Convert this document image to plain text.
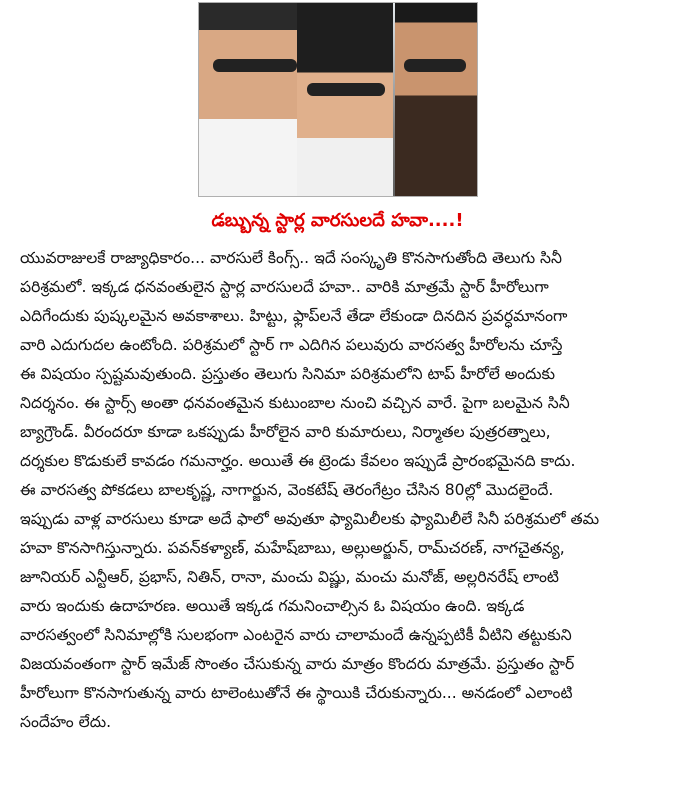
డబ్బున్న స్టార్ల వారసులదే హవా....!
యువరాజులకే రాజ్యాధికారం... వారసులే కింగ్స్.. ఇదే సంస్కృతి కొనసాగుతోంది తెలుగు సినీ
పరిశ్రమలో. ఇక్కడ ధనవంతులైన స్టార్ల వారసులదే హవా.. వారికి మాత్రమే స్టార్ హీరోలుగా
ఎదిగేందుకు పుష్కలమైన అవకాశాలు. హిట్టు, ఫ్లాప్‌లనే తేడా లేకుండా దినదిన ప్రవర్ధమానంగా
వారి ఎదుగుదల ఉంటోంది. పరిశ్రమలో స్టార్ గా ఎదిగిన పలువురు వారసత్వ హీరోలను చూస్తే
ఈ విషయం స్పష్టమవుతుంది. ప్రస్తుతం తెలుగు సినిమా పరిశ్రమలోని టాప్ హీరోలే అందుకు
నిదర్శనం. ఈ స్టార్స్ అంతా ధనవంతమైన కుటుంబాల నుంచి వచ్చిన వారే. పైగా బలమైన సినీ
బ్యాగ్రౌండ్. వీరందరూ కూడా ఒకప్పుడు హీరోలైన వారి కుమారులు, నిర్మాతల పుత్రరత్నాలు,
దర్శకుల కొడుకులే కావడం గమనార్హం. అయితే ఈ ట్రెండు కేవలం ఇప్పుడే ప్రారంభమైనది కాదు.
ఈ వారసత్వ పోకడలు బాలకృష్ణ, నాగార్జున, వెంకటేష్ తెరంగేట్రం చేసిన 80ల్లో మొదలైందే.
ఇప్పుడు వాళ్ల వారసులు కూడా అదే ఫాలో అవుతూ ఫ్యామిలీలకు ఫ్యామిలీలే సినీ పరిశ్రమలో తమ
హవా కొనసాగిస్తున్నారు. పవన్‌కళ్యాణ్, మహేష్‌బాబు, అల్లుఅర్జున్, రామ్‌చరణ్, నాగచైతన్య,
జూనియర్ ఎన్టీఆర్, ప్రభాస్, నితిన్, రానా, మంచు విష్ణు, మంచు మనోజ్, అల్లరినరేష్ లాంటి
వారు ఇందుకు ఉదాహరణ. అయితే ఇక్కడ గమనించాల్సిన ఓ విషయం ఉంది. ఇక్కడ
వారసత్వంలో సినిమాల్లోకి సులభంగా ఎంటరైన వారు చాలామందే ఉన్నప్పటికీ వీటిని తట్టుకుని
విజయవంతంగా స్టార్ ఇమేజ్ సొంతం చేసుకున్న వారు మాత్రం కొందరు మాత్రమే. ప్రస్తుతం స్టార్
హీరోలుగా కొనసాగుతున్న వారు టాలెంటుతోనే ఈ స్థాయికి చేరుకున్నారు... అనడంలో ఎలాంటి
సందేహం లేదు.
